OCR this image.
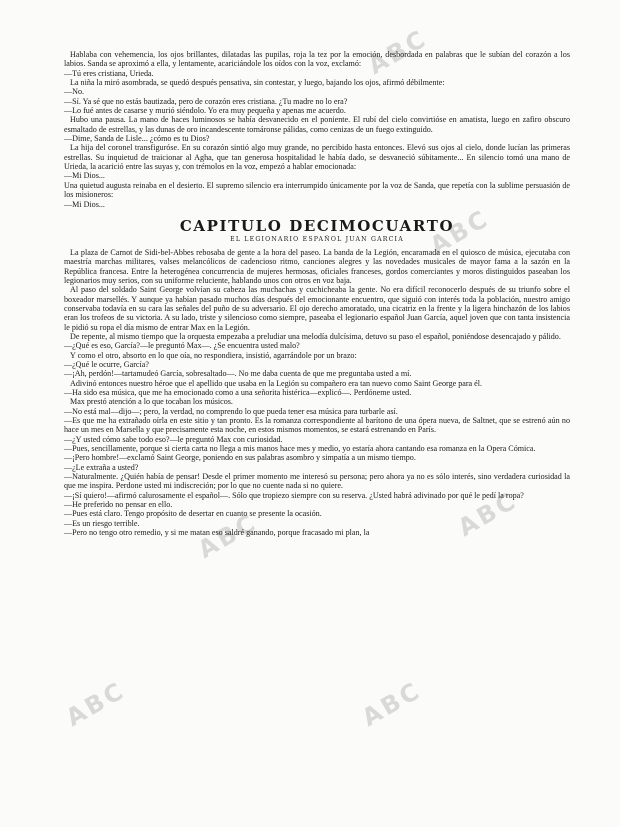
ABC
ABC
ABC	ABC
ABC
ABC

Hablaba con vehemencia, los ojos brillantes, dilatadas las pupilas, roja la tez por la emoción, desbordada en palabras que le subían del corazón a los labios. Sanda se aproximó a ella, y lentamente, acariciándole los oídos con la voz, exclamó:

—Tú eres cristiana, Urieda.

La niña la miró asombrada, se quedó después pensativa, sin contestar, y luego, bajando los ojos, afirmó débilmente:

—No.

—Sí. Ya sé que no estás bautizada, pero de corazón eres cristiana. ¿Tu madre no lo era?

—Lo fué antes de casarse y murió siéndolo. Yo era muy pequeña y apenas me acuerdo.

Hubo una pausa. La mano de haces luminosos se había desvanecido en el poniente. El rubí del cielo convirtióse en amatista, luego en zafiro obscuro esmaltado de estrellas, y las dunas de oro incandescente tornáronse pálidas, como cenizas de un fuego extinguido.

—Dime, Sanda de Lisle... ¿cómo es tu Dios?

La hija del coronel transfiguróse. En su corazón sintió algo muy grande, no percibido hasta entonces. Elevó sus ojos al cielo, donde lucían las primeras estrellas. Su inquietud de traicionar al Agha, que tan generosa hospitalidad le había dado, se desvaneció súbitamente... En silencio tomó una mano de Urieda, la acarició entre las suyas y, con trémolos en la voz, empezó a hablar emocionada:

—Mi Dios...

Una quietud augusta reinaba en el desierto. El supremo silencio era interrumpido únicamente por la voz de Sanda, que repetía con la sublime persuasión de los misioneros:

—Mi Dios...

CAPITULO DECIMOCUARTO
EL LEGIONARIO ESPAÑOL JUAN GARCIA

La plaza de Carnot de Sidi-bel-Abbes rebosaba de gente a la hora del paseo. La banda de la Legión, encaramada en el quiosco de música, ejecutaba con maestría marchas militares, valses melancólicos de cadencioso ritmo, canciones alegres y las novedades musicales de mayor fama a la sazón en la República francesa. Entre la heterogénea concurrencia de mujeres hermosas, oficiales franceses, gordos comerciantes y moros distinguidos paseaban los legionarios muy serios, con su uniforme reluciente, hablando unos con otros en voz baja.

Al paso del soldado Saint George volvían su cabeza las muchachas y cuchicheaba la gente. No era difícil reconocerlo después de su triunfo sobre el boxeador marsellés. Y aunque ya habían pasado muchos días después del emocionante encuentro, que siguió con interés toda la población, nuestro amigo conservaba todavía en su cara las señales del puño de su adversario. El ojo derecho amoratado, una cicatriz en la frente y la ligera hinchazón de los labios eran los trofeos de su victoria. A su lado, triste y silencioso como siempre, paseaba el legionario español Juan García, aquel joven que con tanta insistencia le pidió su ropa el día mismo de entrar Max en la Legión.

De repente, al mismo tiempo que la orquesta empezaba a preludiar una melodía dulcísima, detuvo su paso el español, poniéndose desencajado y pálido.

—¿Qué es eso, García?—le preguntó Max—. ¿Se encuentra usted malo?

Y como el otro, absorto en lo que oía, no respondiera, insistió, agarrándole por un brazo:

—¿Qué le ocurre, García?

—¡Ah, perdón!—tartamudeó García, sobresaltado—. No me daba cuenta de que me preguntaba usted a mí.

Adivinó entonces nuestro héroe que el apellido que usaba en la Legión su compañero era tan nuevo como Saint George para él.

—Ha sido esa música, que me ha emocionado como a una señorita histérica—explicó—. Perdóneme usted.

Max prestó atención a lo que tocaban los músicos.

—No está mal—dijo—; pero, la verdad, no comprendo lo que pueda tener esa música para turbarle así.

—Es que me ha extrañado oírla en este sitio y tan pronto. Es la romanza correspondiente al barítono de una ópera nueva, de Saltnet, que se estrenó aún no hace un mes en Marsella y que precisamente esta noche, en estos mismos momentos, se estará estrenando en París.

—¿Y usted cómo sabe todo eso?—le preguntó Max con curiosidad.

—Pues, sencillamente, porque si cierta carta no llega a mis manos hace mes y medio, yo estaría ahora cantando esa romanza en la Opera Cómica.

—¡Pero hombre!—exclamó Saint George, poniendo en sus palabras asombro y simpatía a un mismo tiempo.

—¿Le extraña a usted?

—Naturalmente. ¿Quién había de pensar! Desde el primer momento me interesó su persona; pero ahora ya no es sólo interés, sino verdadera curiosidad la que me inspira. Perdone usted mi indiscreción; por lo que no cuente nada si no quiere.

—¡Sí quiero!—afirmó calurosamente el español—. Sólo que tropiezo siempre con su reserva. ¿Usted habrá adivinado por qué le pedí la ropa?

—He preferido no pensar en ello.

—Pues está claro. Tengo propósito de desertar en cuanto se presente la ocasión.

—Es un riesgo terrible.

—Pero no tengo otro remedio, y si me matan eso saldré ganando, porque fracasado mi plan, la
